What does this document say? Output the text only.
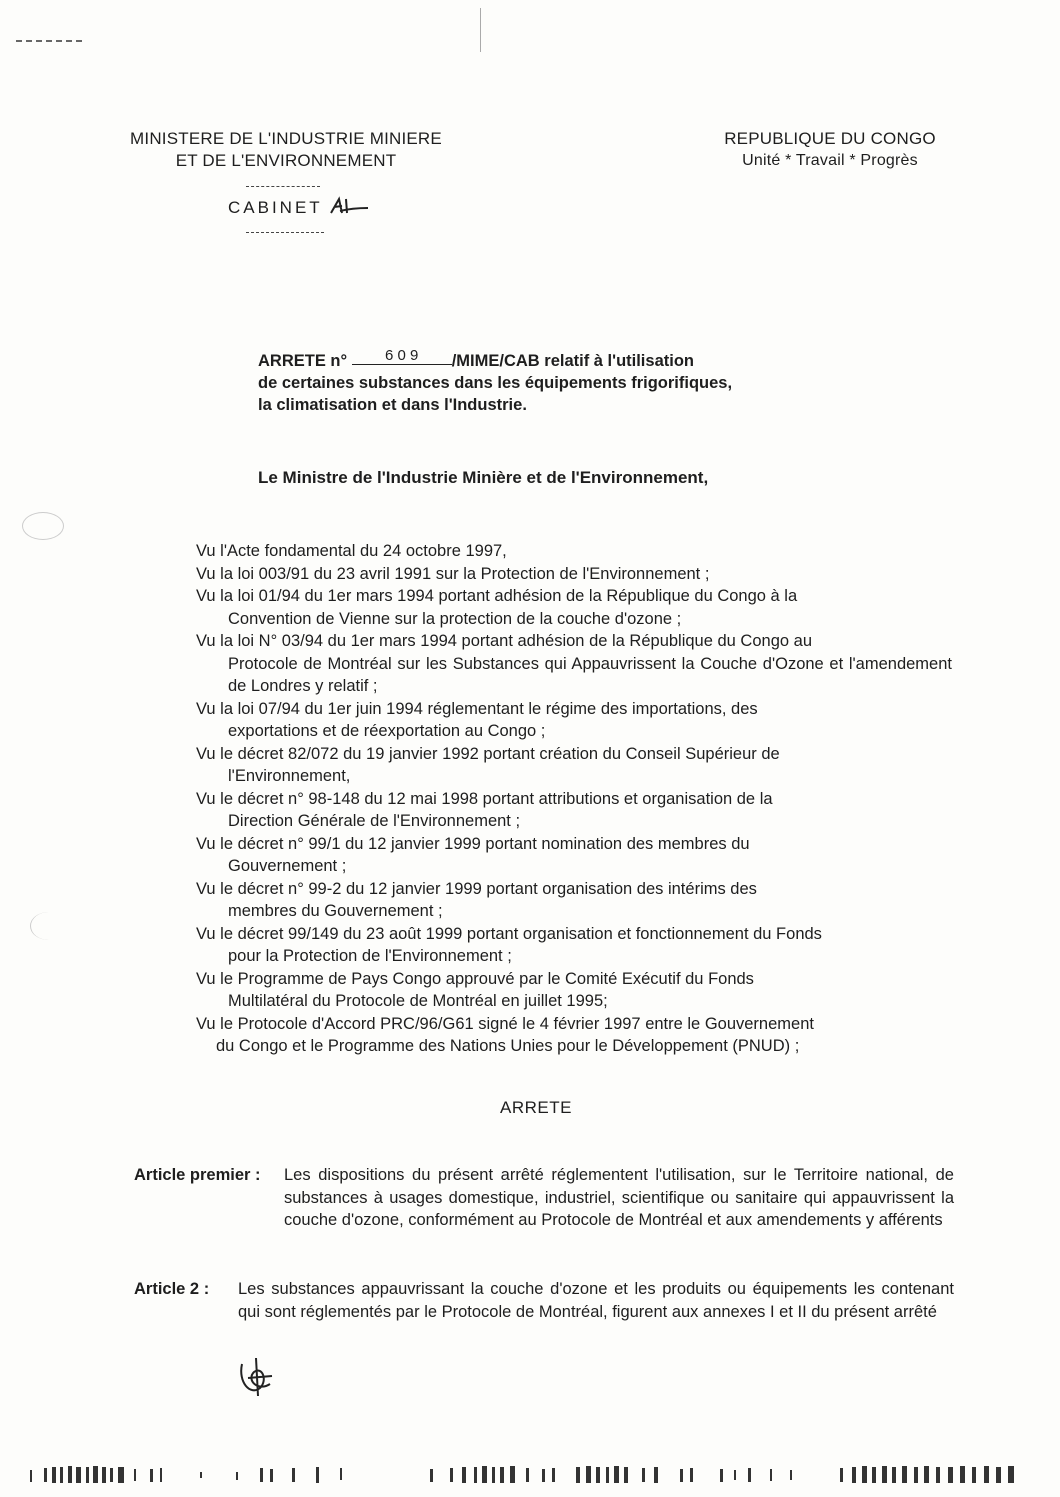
MINISTERE DE L'INDUSTRIE MINIERE
ET DE L'ENVIRONNEMENT
CABINET
REPUBLIQUE DU CONGO
Unité * Travail * Progrès
ARRETE n°	6 0 9 /MIME/CAB relatif à l'utilisation
de certaines substances dans les équipements frigorifiques,
la climatisation et dans l'Industrie.
Le Ministre de l'Industrie Minière et de l'Environnement,
Vu l'Acte fondamental du 24 octobre 1997,
Vu la loi 003/91 du 23 avril 1991 sur la Protection de l'Environnement ;
Vu la loi 01/94 du 1er mars 1994 portant adhésion de la République du Congo à la
Convention de Vienne sur la protection de la couche d'ozone ;
Vu la loi N° 03/94 du 1er mars 1994 portant adhésion de la République du Congo au
Protocole de Montréal sur les Substances qui Appauvrissent la Couche d'Ozone et l'amendement de Londres y relatif ;
Vu la loi 07/94 du 1er juin 1994 réglementant le régime des importations, des
exportations et de réexportation au Congo ;
Vu le décret 82/072 du 19 janvier 1992 portant création du Conseil Supérieur de
l'Environnement,
Vu le décret n° 98-148 du 12 mai 1998 portant attributions et organisation de la
Direction Générale de l'Environnement ;
Vu le décret n° 99/1 du 12 janvier 1999 portant nomination des membres du
Gouvernement ;
Vu le décret n° 99-2 du 12 janvier 1999 portant organisation des intérims des
membres du Gouvernement ;
Vu le décret 99/149 du 23 août 1999 portant organisation et fonctionnement du Fonds
pour la Protection de l'Environnement ;
Vu le Programme de Pays Congo approuvé par le Comité Exécutif du Fonds
Multilatéral du Protocole de Montréal en juillet 1995;
Vu le Protocole d'Accord PRC/96/G61 signé le 4 février 1997 entre le Gouvernement
du Congo et le Programme des Nations Unies pour le Développement (PNUD) ;
ARRETE
Article premier : Les dispositions du présent arrêté réglementent l'utilisation, sur le Territoire national, de substances à usages domestique, industriel, scientifique ou sanitaire qui appauvrissent la couche d'ozone, conformément au Protocole de Montréal et aux amendements y afférents
Article 2 : Les substances appauvrissant la couche d'ozone et les produits ou équipements les contenant qui sont réglementés par le Protocole de Montréal, figurent aux annexes I et II du présent arrêté
